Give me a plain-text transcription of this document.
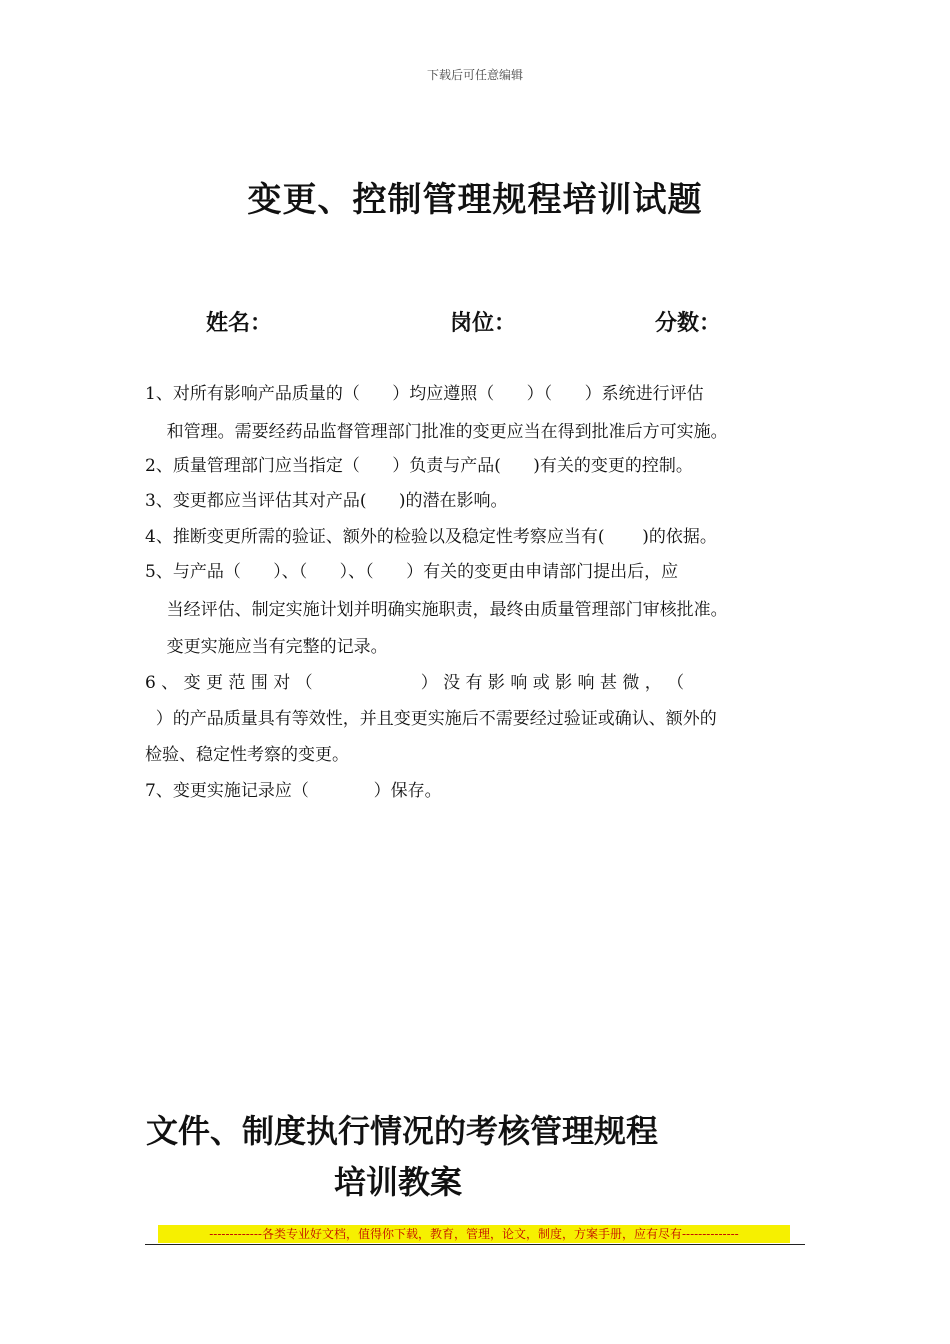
下载后可任意编辑
变更、控制管理规程培训试题
姓名：	岗位：	分数：
1、对所有影响产品质量的（      ）均应遵照（      ）（      ）系统进行评估
和管理。需要经药品监督管理部门批准的变更应当在得到批准后方可实施。
2、质量管理部门应当指定（      ）负责与产品(      )有关的变更的控制。
3、变更都应当评估其对产品(      )的潜在影响。
4、推断变更所需的验证、额外的检验以及稳定性考察应当有(       )的依据。
5、与产品（      ）、（      ）、（      ）有关的变更由申请部门提出后，应
当经评估、制定实施计划并明确实施职责，最终由质量管理部门审核批准。
变更实施应当有完整的记录。
6 、 变 更 范 围 对 （                    ） 没 有 影 响 或 影 响 甚 微 ， （
）的产品质量具有等效性，并且变更实施后不需要经过验证或确认、额外的
检验、稳定性考察的变更。
7、变更实施记录应（            ）保存。
文件、制度执行情况的考核管理规程
培训教案
-------------各类专业好文档，值得你下载，教育，管理，论文，制度，方案手册，应有尽有--------------
